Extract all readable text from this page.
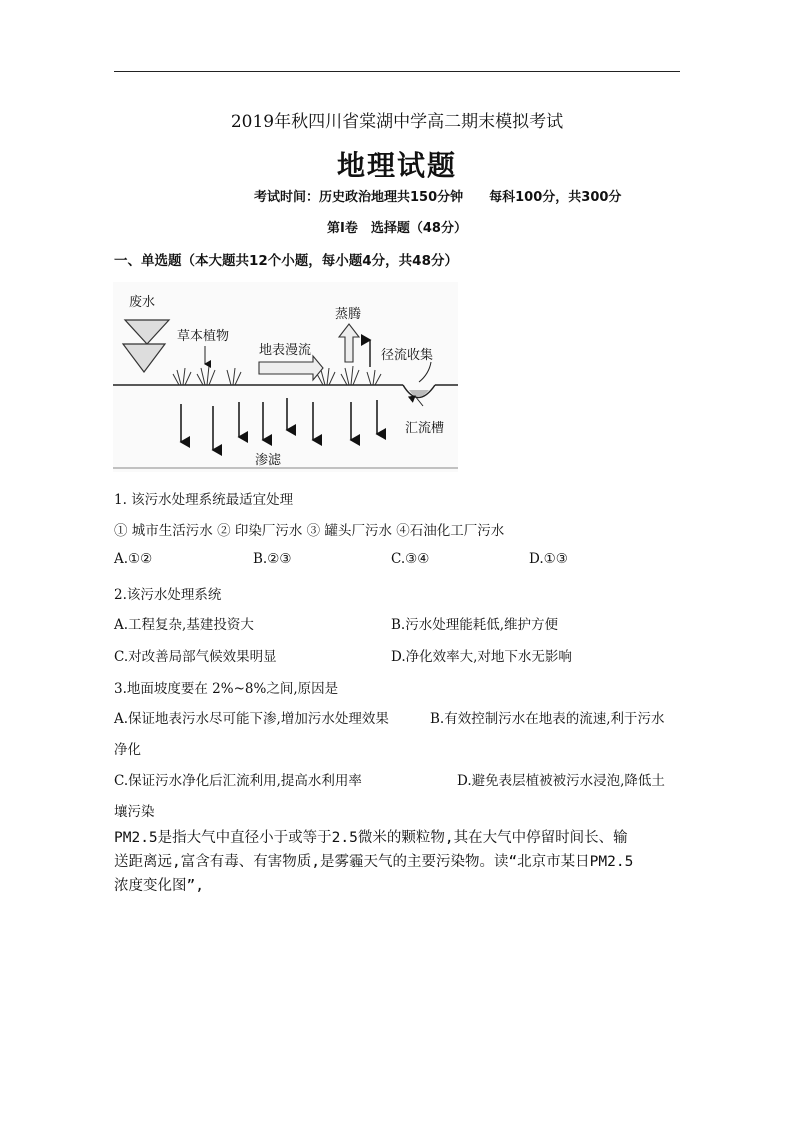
2019年秋四川省棠湖中学高二期末模拟考试
地理试题
考试时间：历史政治地理共150分钟 每科100分，共300分
第Ⅰ卷　选择题（48分）
一、单选题（本大题共12个小题，每小题4分，共48分）
废水
草本植物
地表漫流
蒸腾
径流收集
汇流槽
渗滤
1. 该污水处理系统最适宜处理
① 城市生活污水 ② 印染厂污水 ③ 罐头厂污水 ④石油化工厂污水
A.①②	B.②③	C.③④	D.①③
2.该污水处理系统
A.工程复杂,基建投资大	B.污水处理能耗低,维护方便
C.对改善局部气候效果明显	D.净化效率大,对地下水无影响
3.地面坡度要在 2%~8%之间,原因是
A.保证地表污水尽可能下渗,增加污水处理效果	B.有效控制污水在地表的流速,利于污水
净化
C.保证污水净化后汇流利用,提高水利用率	D.避免表层植被被污水浸泡,降低土
壤污染
PM2.5是指大气中直径小于或等于2.5微米的颗粒物,其在大气中停留时间长、输
送距离远,富含有毒、有害物质,是雾霾天气的主要污染物。读“北京市某日PM2.5
浓度变化图”,
